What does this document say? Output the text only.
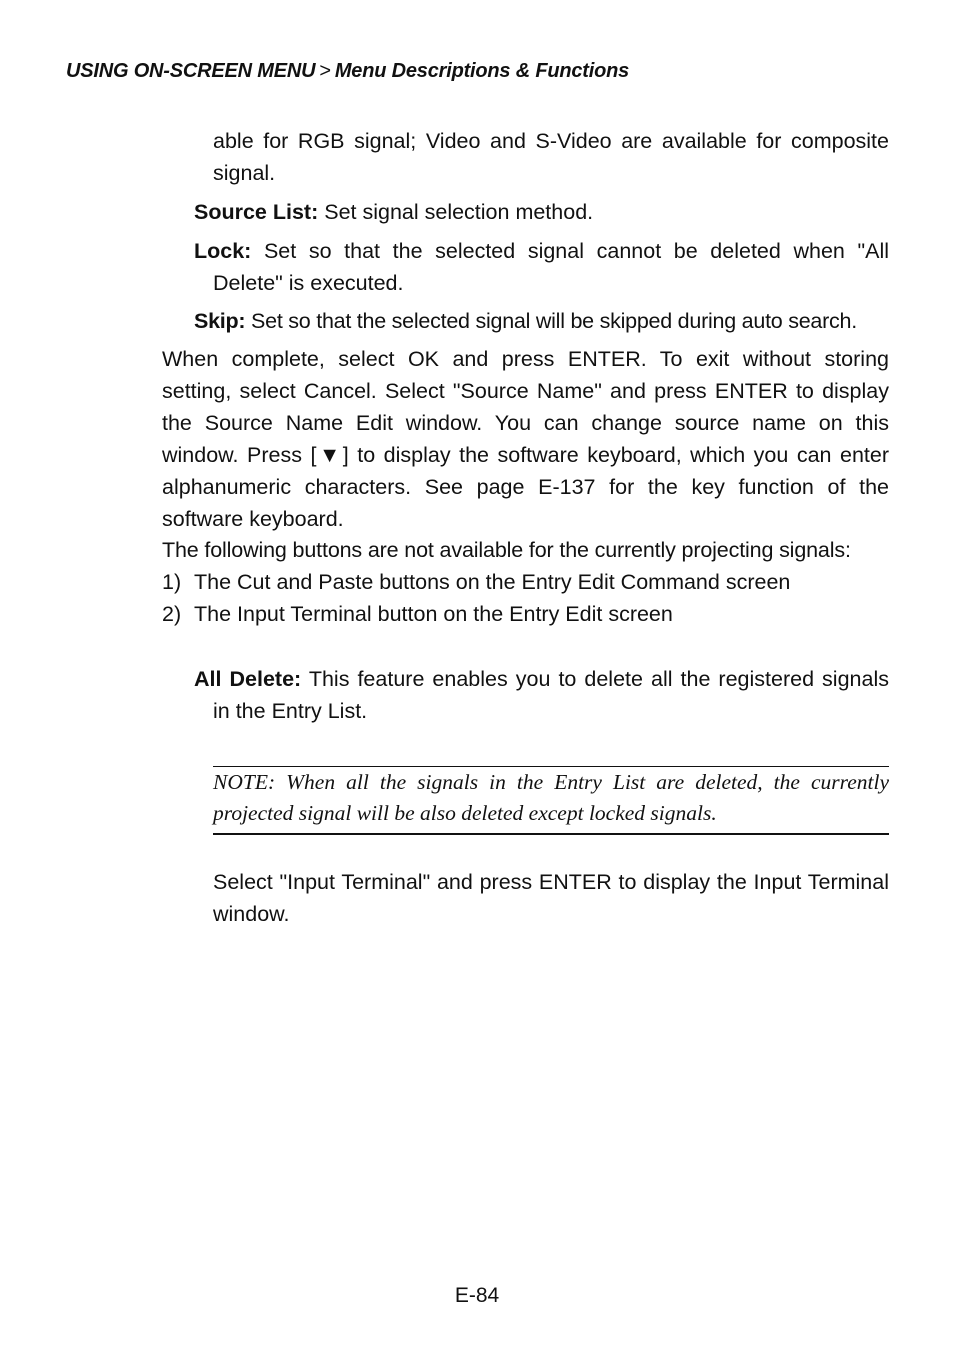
USING ON-SCREEN MENU > Menu Descriptions & Functions
able for RGB signal; Video and S-Video are available for composite signal.
Source List: Set signal selection method.
Lock: Set so that the selected signal cannot be deleted when "All Delete" is executed.
Skip: Set so that the selected signal will be skipped during auto search.
When complete, select OK and press ENTER. To exit without storing setting, select Cancel. Select "Source Name" and press ENTER to display the Source Name Edit window. You can change source name on this window. Press [▼] to display the software keyboard, which you can enter alphanumeric characters. See page E-137 for the key function of the software keyboard.
The following buttons are not available for the currently projecting signals:
1) The Cut and Paste buttons on the Entry Edit Command screen
2) The Input Terminal button on the Entry Edit screen
All Delete: This feature enables you to delete all the registered signals in the Entry List.
NOTE: When all the signals in the Entry List are deleted, the currently projected signal will be also deleted except locked signals.
Select "Input Terminal" and press ENTER to display the Input Terminal window.
E-84
